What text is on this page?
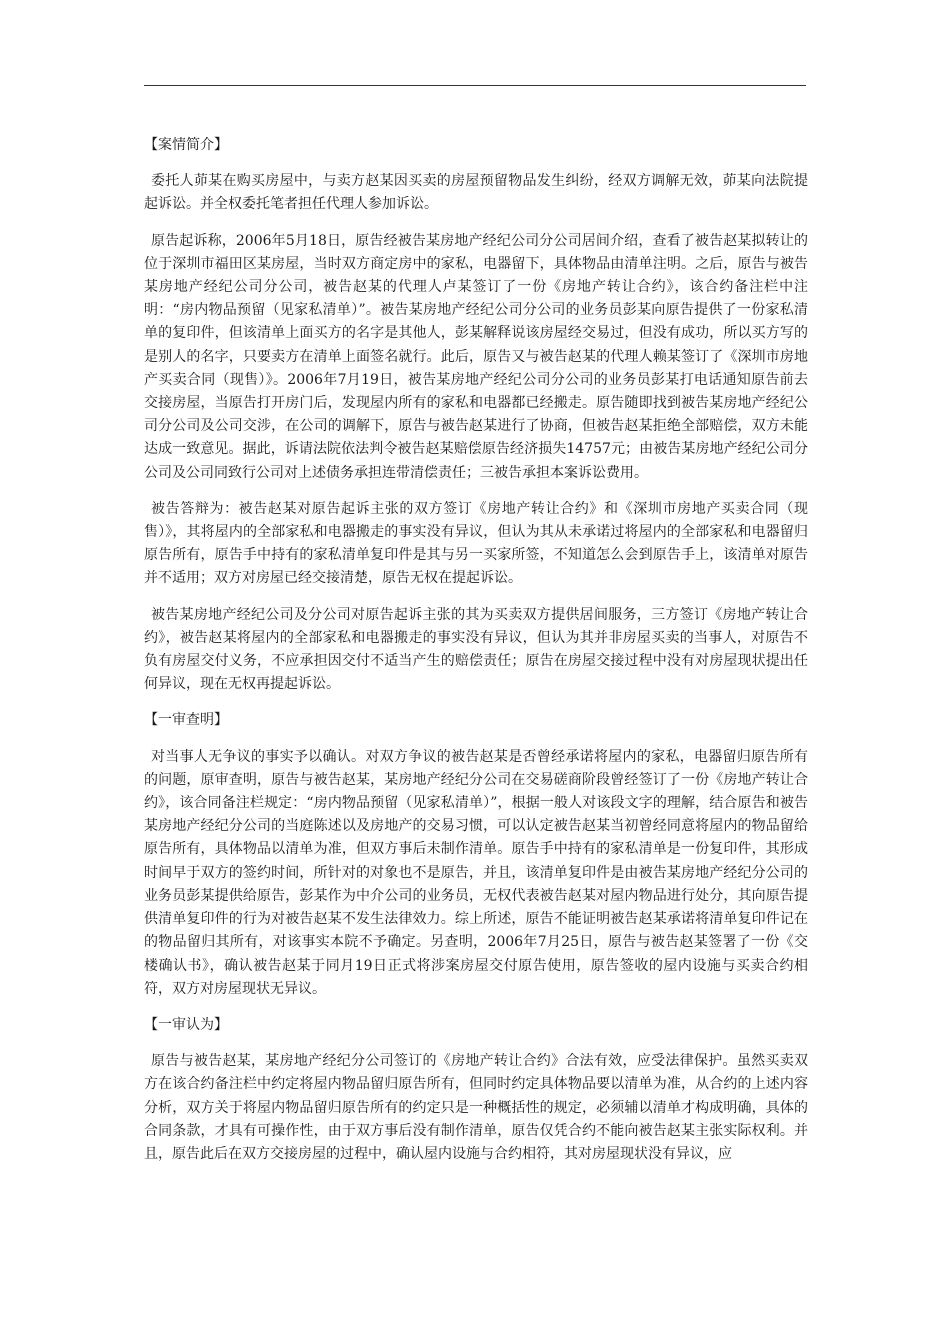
【案情简介】

委托人茆某在购买房屋中，与卖方赵某因买卖的房屋预留物品发生纠纷，经双方调解无效，茆某向法院提起诉讼。并全权委托笔者担任代理人参加诉讼。

原告起诉称，2006年5月18日，原告经被告某房地产经纪公司分公司居间介绍，查看了被告赵某拟转让的位于深圳市福田区某房屋，当时双方商定房中的家私，电器留下，具体物品由清单注明。之后，原告与被告某房地产经纪公司分公司，被告赵某的代理人卢某签订了一份《房地产转让合约》，该合约备注栏中注明：“房内物品预留（见家私清单）”。被告某房地产经纪公司分公司的业务员彭某向原告提供了一份家私清单的复印件，但该清单上面买方的名字是其他人，彭某解释说该房屋经交易过，但没有成功，所以买方写的是别人的名字，只要卖方在清单上面签名就行。此后，原告又与被告赵某的代理人赖某签订了《深圳市房地产买卖合同（现售）》。2006年7月19日，被告某房地产经纪公司分公司的业务员彭某打电话通知原告前去交接房屋，当原告打开房门后，发现屋内所有的家私和电器都已经搬走。原告随即找到被告某房地产经纪公司分公司及公司交涉，在公司的调解下，原告与被告赵某进行了协商，但被告赵某拒绝全部赔偿，双方未能达成一致意见。据此，诉请法院依法判令被告赵某赔偿原告经济损失14757元；由被告某房地产经纪公司分公司及公司同致行公司对上述债务承担连带清偿责任；三被告承担本案诉讼费用。

被告答辩为：被告赵某对原告起诉主张的双方签订《房地产转让合约》和《深圳市房地产买卖合同（现售）》，其将屋内的全部家私和电器搬走的事实没有异议，但认为其从未承诺过将屋内的全部家私和电器留归原告所有，原告手中持有的家私清单复印件是其与另一买家所签，不知道怎么会到原告手上，该清单对原告并不适用；双方对房屋已经交接清楚，原告无权在提起诉讼。

被告某房地产经纪公司及分公司对原告起诉主张的其为买卖双方提供居间服务，三方签订《房地产转让合约》，被告赵某将屋内的全部家私和电器搬走的事实没有异议，但认为其并非房屋买卖的当事人，对原告不负有房屋交付义务，不应承担因交付不适当产生的赔偿责任；原告在房屋交接过程中没有对房屋现状提出任何异议，现在无权再提起诉讼。

【一审查明】

对当事人无争议的事实予以确认。对双方争议的被告赵某是否曾经承诺将屋内的家私，电器留归原告所有的问题，原审查明，原告与被告赵某，某房地产经纪分公司在交易磋商阶段曾经签订了一份《房地产转让合约》，该合同备注栏规定：“房内物品预留（见家私清单）”，根据一般人对该段文字的理解，结合原告和被告某房地产经纪分公司的当庭陈述以及房地产的交易习惯，可以认定被告赵某当初曾经同意将屋内的物品留给原告所有，具体物品以清单为准，但双方事后未制作清单。原告手中持有的家私清单是一份复印件，其形成时间早于双方的签约时间，所针对的对象也不是原告，并且，该清单复印件是由被告某房地产经纪分公司的业务员彭某提供给原告，彭某作为中介公司的业务员，无权代表被告赵某对屋内物品进行处分，其向原告提供清单复印件的行为对被告赵某不发生法律效力。综上所述，原告不能证明被告赵某承诺将清单复印件记在的物品留归其所有，对该事实本院不予确定。另查明，2006年7月25日，原告与被告赵某签署了一份《交楼确认书》，确认被告赵某于同月19日正式将涉案房屋交付原告使用，原告签收的屋内设施与买卖合约相符，双方对房屋现状无异议。

【一审认为】

原告与被告赵某，某房地产经纪分公司签订的《房地产转让合约》合法有效，应受法律保护。虽然买卖双方在该合约备注栏中约定将屋内物品留归原告所有，但同时约定具体物品要以清单为准，从合约的上述内容分析，双方关于将屋内物品留归原告所有的约定只是一种概括性的规定，必须辅以清单才构成明确，具体的合同条款，才具有可操作性，由于双方事后没有制作清单，原告仅凭合约不能向被告赵某主张实际权利。并且，原告此后在双方交接房屋的过程中，确认屋内设施与合约相符，其对房屋现状没有异议，应
